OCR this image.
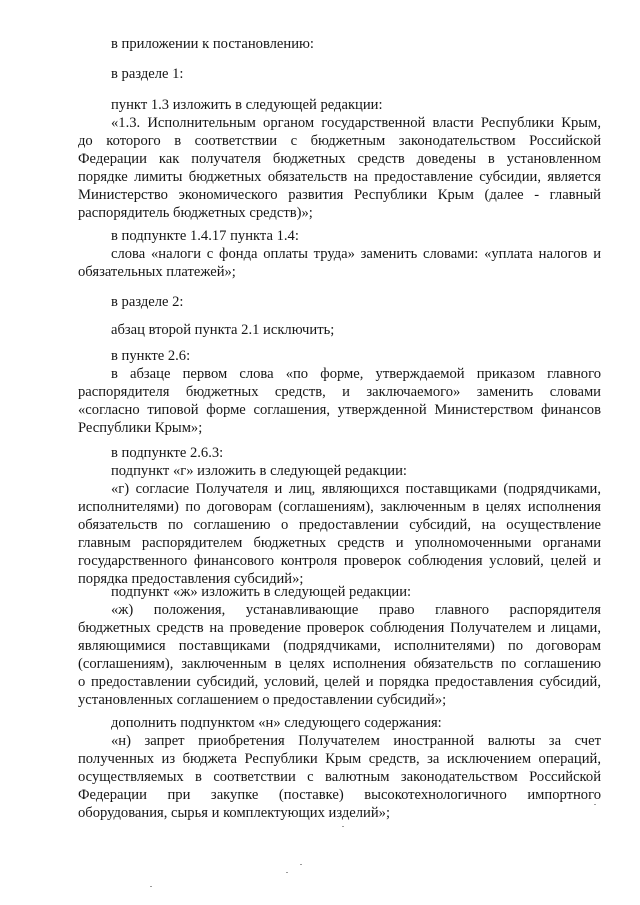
в приложении к постановлению:
в разделе 1:
пункт 1.3 изложить в следующей редакции:
«1.3. Исполнительным органом государственной власти Республики Крым,
до которого в соответствии с бюджетным законодательством Российской
Федерации как получателя бюджетных средств доведены в установленном
порядке лимиты бюджетных обязательств на предоставление субсидии, является
Министерство экономического развития Республики Крым (далее - главный
распорядитель бюджетных средств)»;
в подпункте 1.4.17 пункта 1.4:
слова «налоги с фонда оплаты труда» заменить словами: «уплата налогов и
обязательных платежей»;
в разделе 2:
абзац второй пункта 2.1 исключить;
в пункте 2.6:
в абзаце первом слова «по форме, утверждаемой приказом главного
распорядителя бюджетных средств, и заключаемого» заменить словами
«согласно типовой форме соглашения, утвержденной Министерством финансов
Республики Крым»;
в подпункте 2.6.3:
подпункт «г» изложить в следующей редакции:
«г) согласие Получателя и лиц, являющихся поставщиками (подрядчиками,
исполнителями) по договорам (соглашениям), заключенным в целях исполнения
обязательств по соглашению о предоставлении субсидий, на осуществление
главным распорядителем бюджетных средств и уполномоченными органами
государственного финансового контроля проверок соблюдения условий, целей и
порядка предоставления субсидий»;
подпункт «ж» изложить в следующей редакции:
«ж) положения, устанавливающие право главного распорядителя
бюджетных средств на проведение проверок соблюдения Получателем и лицами,
являющимися поставщиками (подрядчиками, исполнителями) по договорам
(соглашениям), заключенным в целях исполнения обязательств по соглашению
о предоставлении субсидий, условий, целей и порядка предоставления субсидий,
установленных соглашением о предоставлении субсидий»;
дополнить подпунктом «н» следующего содержания:
«н) запрет приобретения Получателем иностранной валюты за счет
полученных из бюджета Республики Крым средств, за исключением операций,
осуществляемых в соответствии с валютным законодательством Российской
Федерации при закупке (поставке) высокотехнологичного импортного
оборудования, сырья и комплектующих изделий»;
